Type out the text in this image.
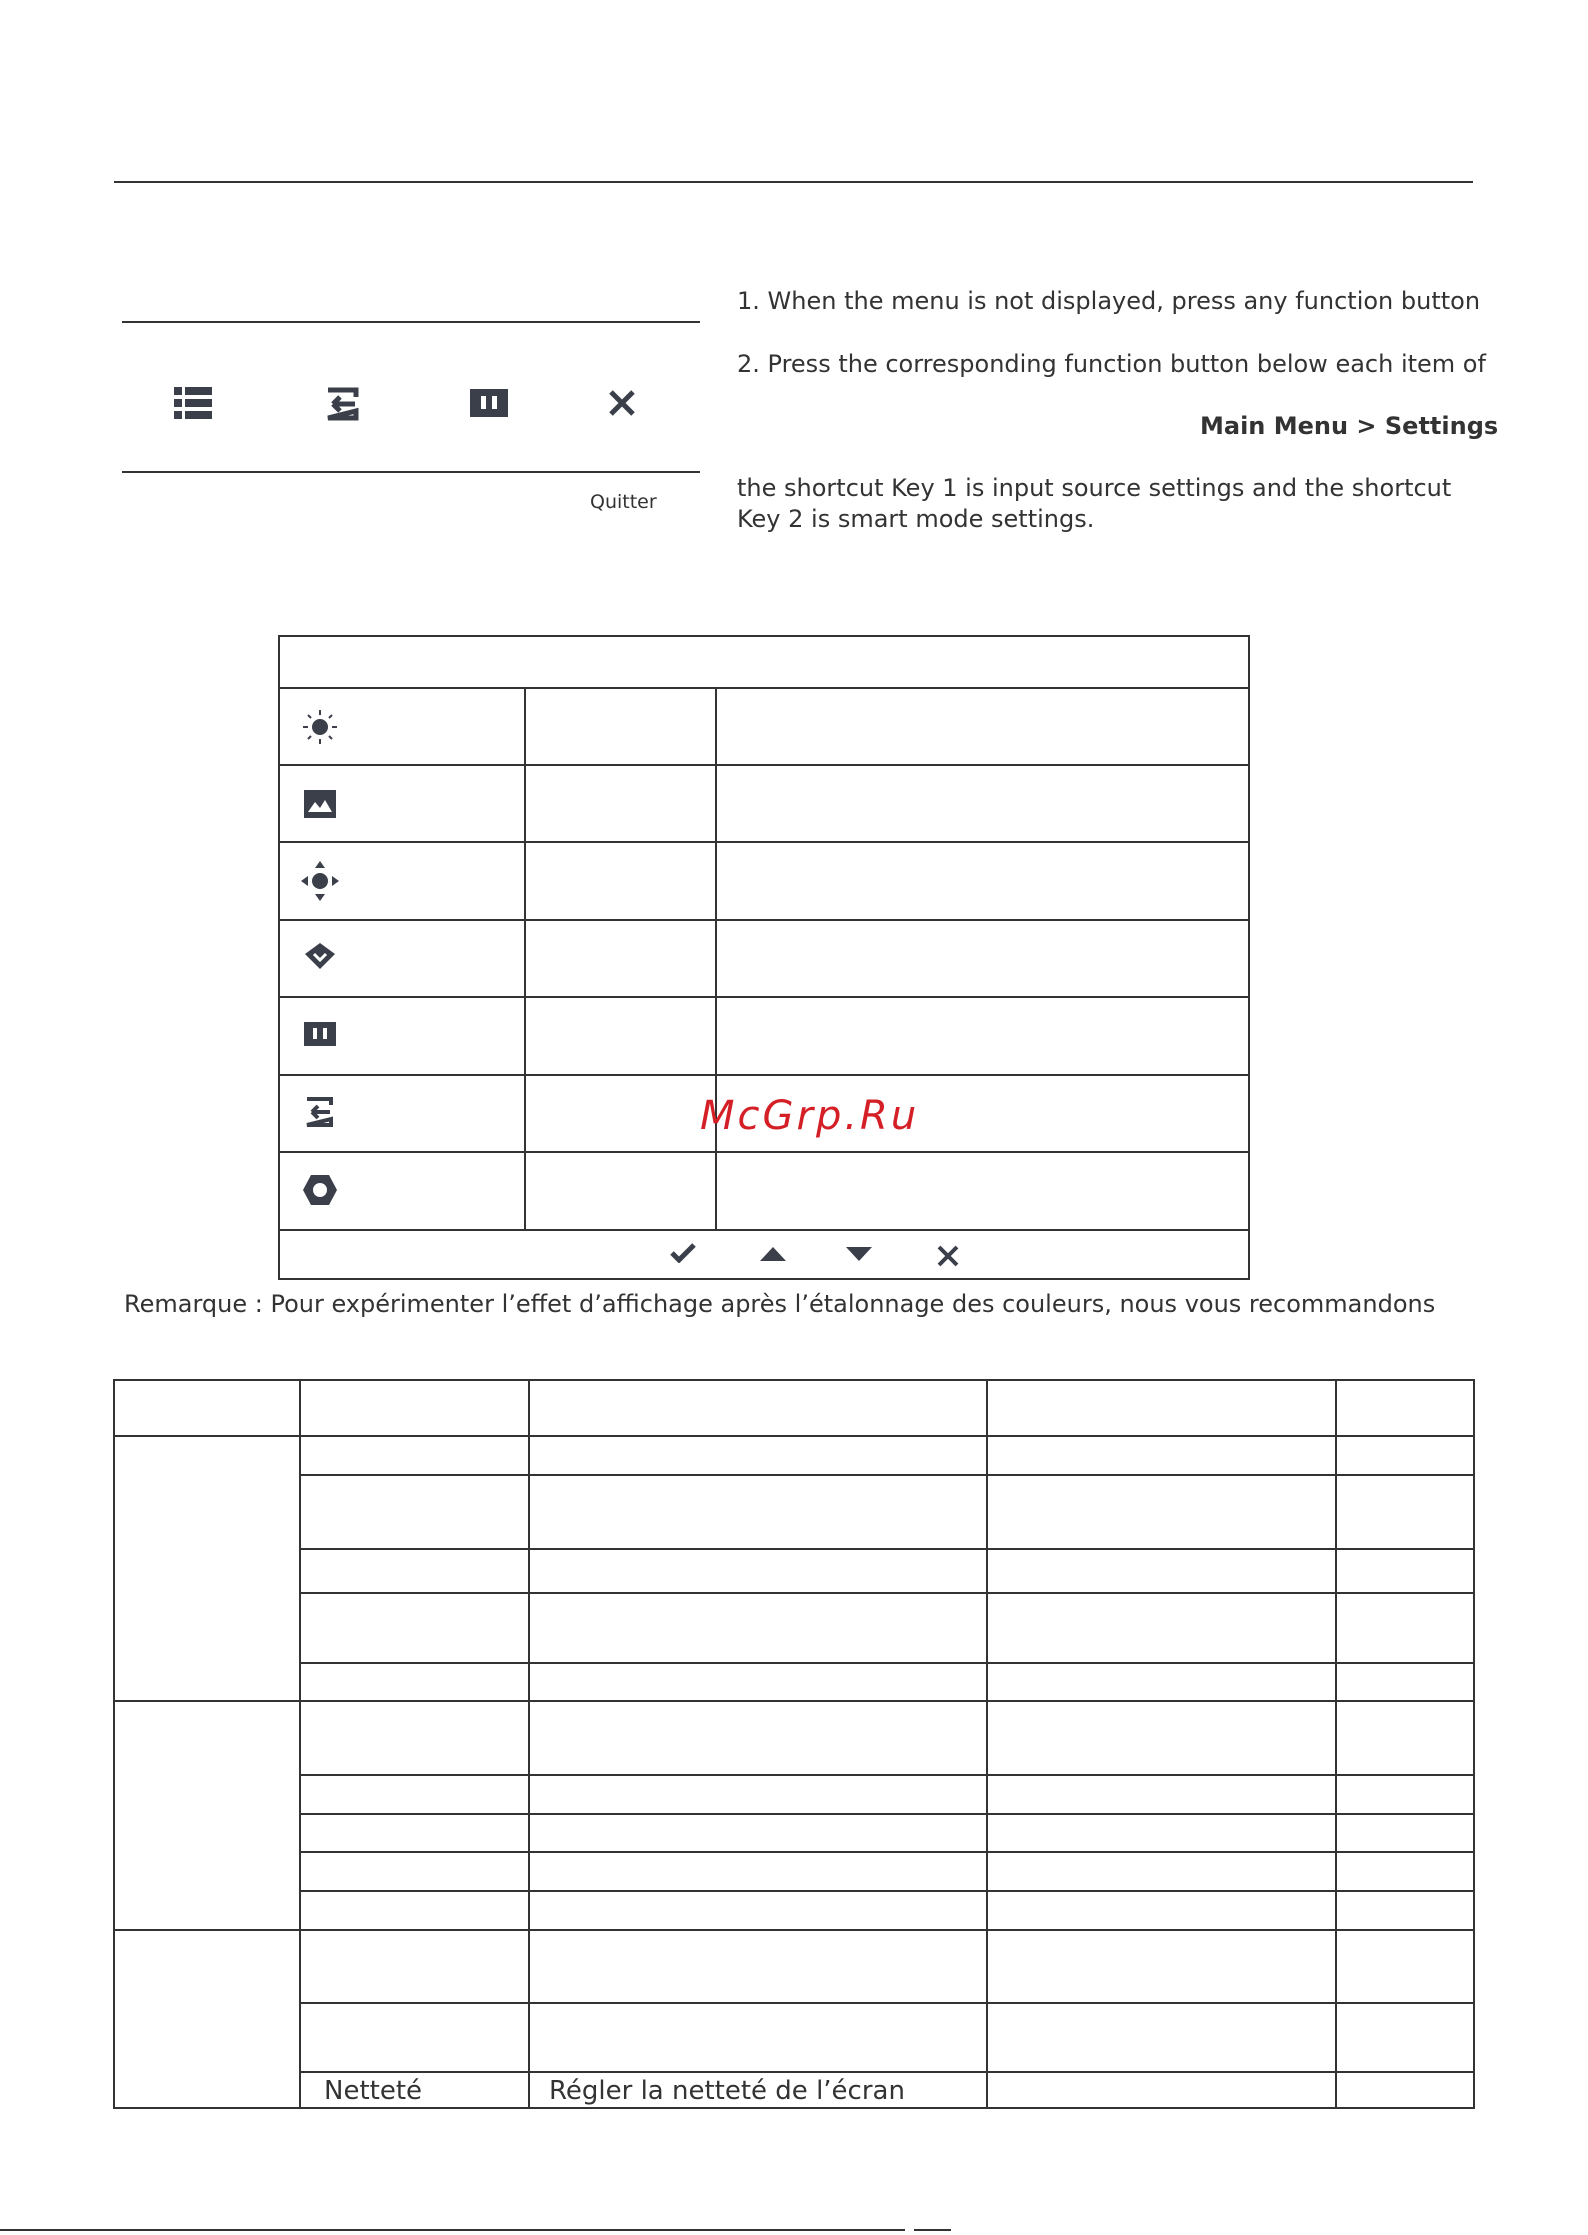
Quitter
1. When the menu is not displayed, press any function button
2. Press the corresponding function button below each item of
Main Menu > Settings
the shortcut Key 1 is input source settings and the shortcut
Key 2 is smart mode settings.
McGrp.Ru
Remarque : Pour expérimenter l’effet d’affichage après l’étalonnage des couleurs, nous vous recommandons
Netteté	Régler la netteté de l’écran
